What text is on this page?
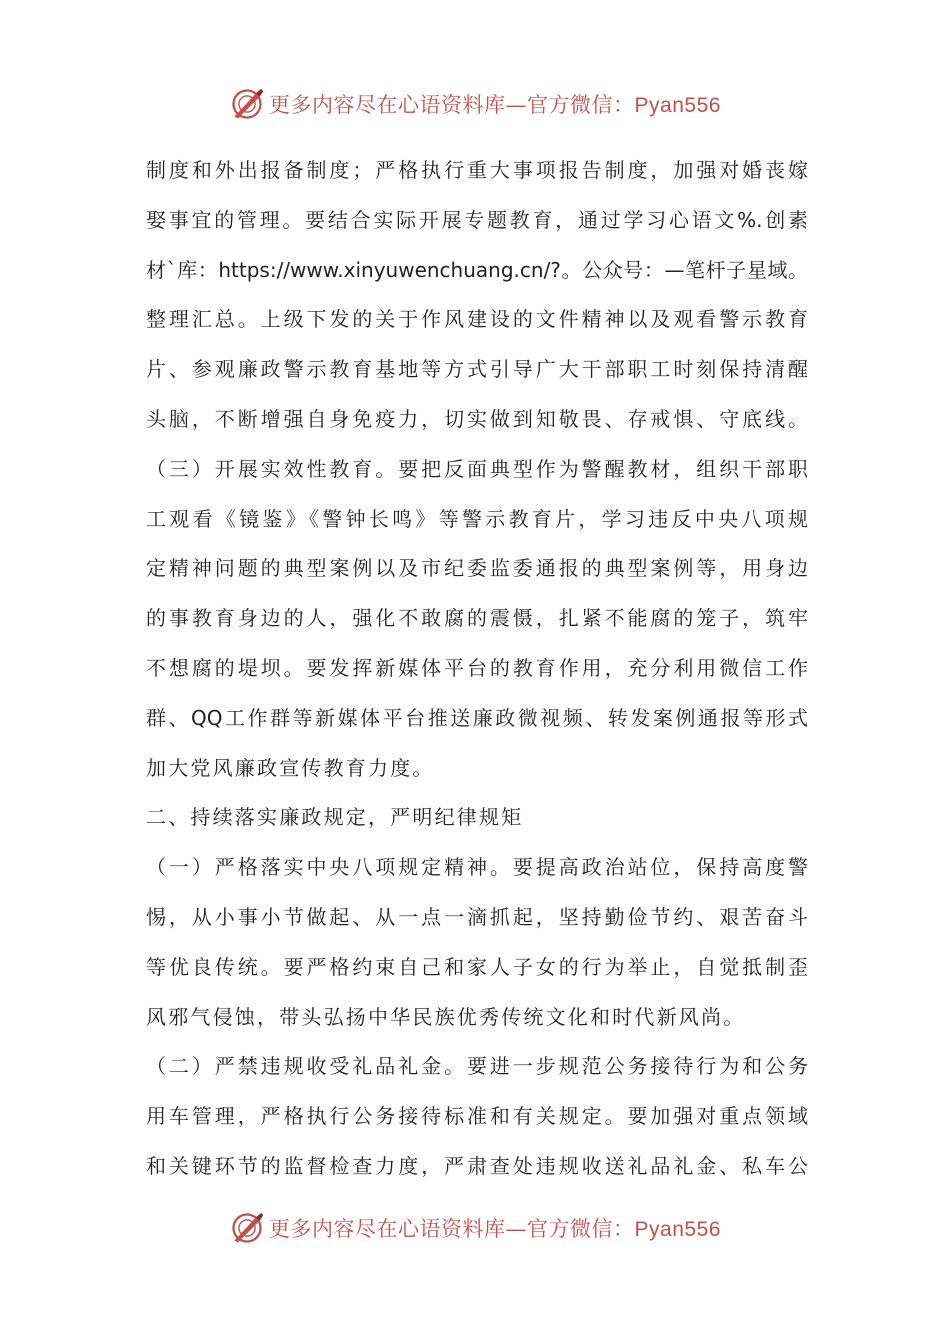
更多内容尽在心语资料库—官方微信：Pyan556
制度和外出报备制度；严格执行重大事项报告制度，加强对婚丧嫁
娶事宜的管理。要结合实际开展专题教育，通过学习心语文%.创素
材`库：https://www.xinyuwenchuang.cn/?。公众号：—笔杆子星域。
整理汇总。上级下发的关于作风建设的文件精神以及观看警示教育
片、参观廉政警示教育基地等方式引导广大干部职工时刻保持清醒
头脑，不断增强自身免疫力，切实做到知敬畏、存戒惧、守底线。
（三）开展实效性教育。要把反面典型作为警醒教材，组织干部职
工观看《镜鉴》《警钟长鸣》等警示教育片，学习违反中央八项规
定精神问题的典型案例以及市纪委监委通报的典型案例等，用身边
的事教育身边的人，强化不敢腐的震慑，扎紧不能腐的笼子，筑牢
不想腐的堤坝。要发挥新媒体平台的教育作用，充分利用微信工作
群、QQ工作群等新媒体平台推送廉政微视频、转发案例通报等形式
加大党风廉政宣传教育力度。
二、持续落实廉政规定，严明纪律规矩
（一）严格落实中央八项规定精神。要提高政治站位，保持高度警
惕，从小事小节做起、从一点一滴抓起，坚持勤俭节约、艰苦奋斗
等优良传统。要严格约束自己和家人子女的行为举止，自觉抵制歪
风邪气侵蚀，带头弘扬中华民族优秀传统文化和时代新风尚。
（二）严禁违规收受礼品礼金。要进一步规范公务接待行为和公务
用车管理，严格执行公务接待标准和有关规定。要加强对重点领域
和关键环节的监督检查力度，严肃查处违规收送礼品礼金、私车公
更多内容尽在心语资料库—官方微信：Pyan556
